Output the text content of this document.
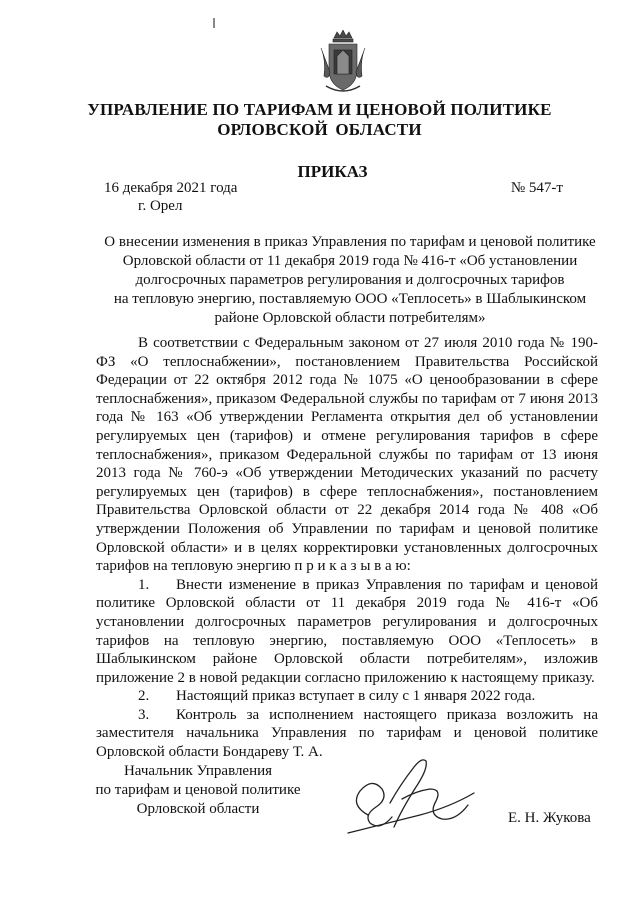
УПРАВЛЕНИЕ ПО ТАРИФАМ И ЦЕНОВОЙ ПОЛИТИКЕ
ОРЛОВСКОЙ ОБЛАСТИ
ПРИКАЗ
16 декабря 2021 года	№ 547-т
г. Орел
О внесении изменения в приказ Управления по тарифам и ценовой политике
Орловской области от 11 декабря 2019 года № 416-т «Об установлении
долгосрочных параметров регулирования и долгосрочных тарифов
на тепловую энергию, поставляемую ООО «Теплосеть» в Шаблыкинском
районе Орловской области потребителям»

В соответствии с Федеральным законом от 27 июля 2010 года № 190-ФЗ «О теплоснабжении», постановлением Правительства Российской Федерации от 22 октября 2012 года № 1075 «О ценообразовании в сфере теплоснабжения», приказом Федеральной службы по тарифам от 7 июня 2013 года № 163 «Об утверждении Регламента открытия дел об установлении регулируемых цен (тарифов) и отмене регулирования тарифов в сфере теплоснабжения», приказом Федеральной службы по тарифам от 13 июня 2013 года № 760-э «Об утверждении Методических указаний по расчету регулируемых цен (тарифов) в сфере теплоснабжения», постановлением Правительства Орловской области от 22 декабря 2014 года № 408 «Об утверждении Положения об Управлении по тарифам и ценовой политике Орловской области» и в целях корректировки установленных долгосрочных тарифов на тепловую энергию п р и к а з ы в а ю:

1. Внести изменение в приказ Управления по тарифам и ценовой политике Орловской области от 11 декабря 2019 года № 416-т «Об установлении долгосрочных параметров регулирования и долгосрочных тарифов на тепловую энергию, поставляемую ООО «Теплосеть» в Шаблыкинском районе Орловской области потребителям», изложив приложение 2 в новой редакции согласно приложению к настоящему приказу.

2. Настоящий приказ вступает в силу с 1 января 2022 года.

3. Контроль за исполнением настоящего приказа возложить на заместителя начальника Управления по тарифам и ценовой политике Орловской области Бондареву Т. А.

Начальник Управления
по тарифам и ценовой политике
Орловской области
Е. Н. Жукова
